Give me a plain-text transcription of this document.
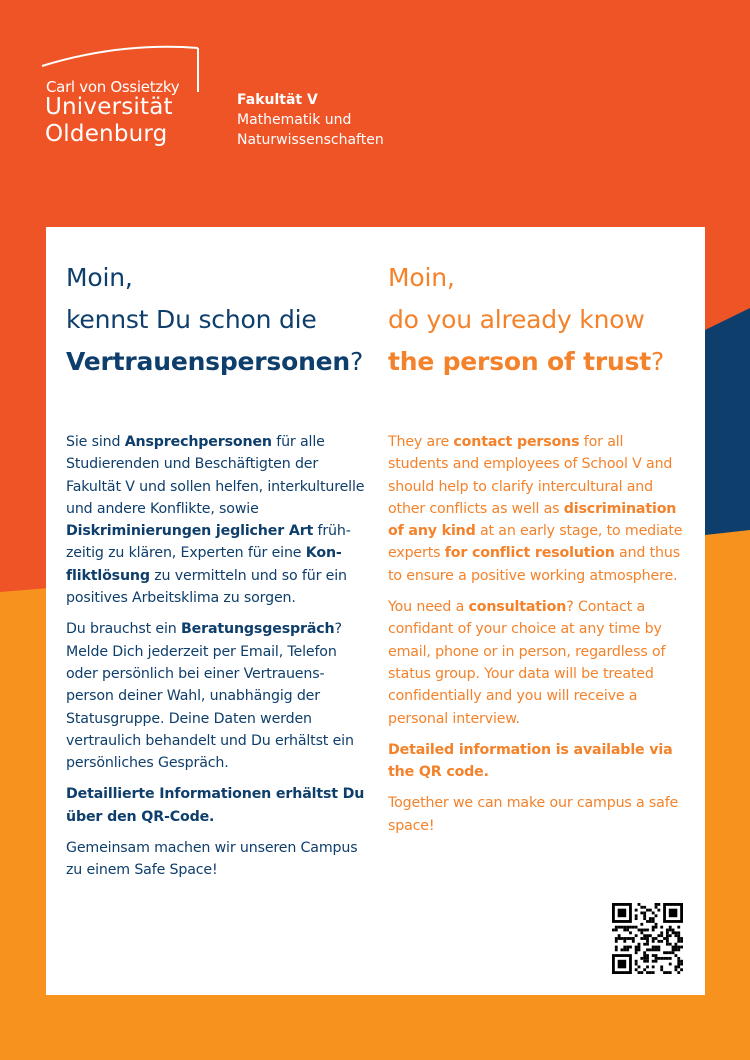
Carl von Ossietzky
Universität
Oldenburg
Fakultät V
Mathematik und
Naturwissenschaften
Moin,
kennst Du schon die
Vertrauenspersonen?

Sie sind Ansprechpersonen für alle Studierenden und Beschäftigten der Fakultät V und sollen helfen, interkulturelle und andere Konflikte, sowie Diskriminierungen jeglicher Art frühzeitig zu klären, Experten für eine Konfliktlösung zu vermitteln und so für ein positives Arbeitsklima zu sorgen.

Du brauchst ein Beratungsgespräch? Melde Dich jederzeit per Email, Telefon oder persönlich bei einer Vertrauensperson deiner Wahl, unabhängig der Statusgruppe. Deine Daten werden vertraulich behandelt und Du erhältst ein persönliches Gespräch.

Detaillierte Informationen erhältst Du über den QR-Code.

Gemeinsam machen wir unseren Campus zu einem Safe Space!

Moin,
do you already know
the person of trust?

They are contact persons for all students and employees of School V and should help to clarify intercultural and other conflicts as well as discrimination of any kind at an early stage, to mediate experts for conflict resolution and thus to ensure a positive working atmosphere.

You need a consultation? Contact a confidant of your choice at any time by email, phone or in person, regardless of status group. Your data will be treated confidentially and you will receive a personal interview.

Detailed information is available via the QR code.

Together we can make our campus a safe space!
